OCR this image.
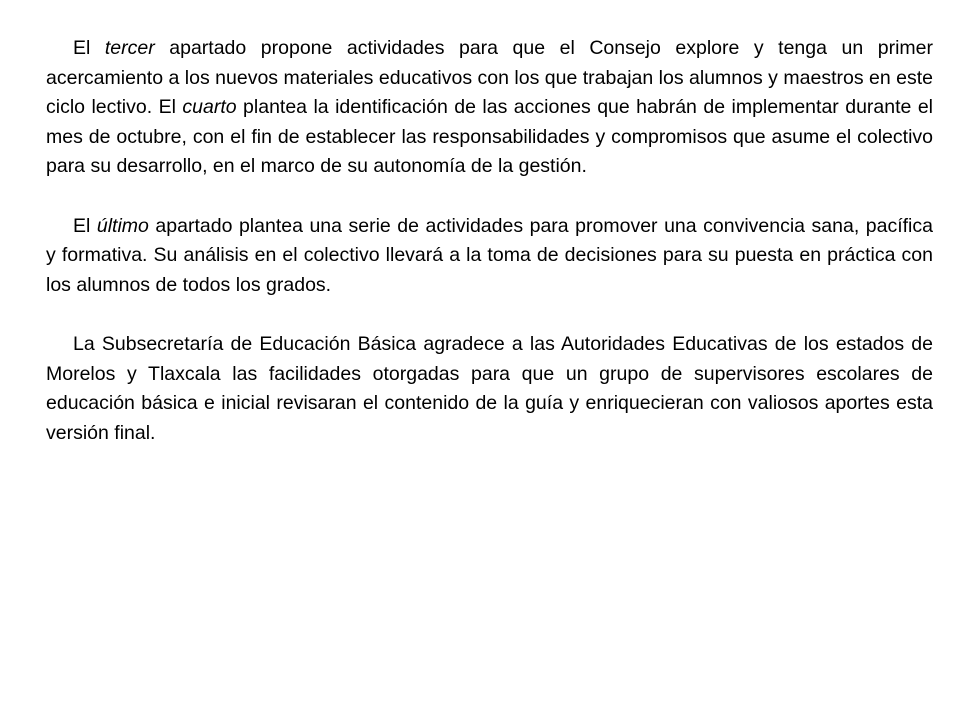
El tercer apartado propone actividades para que el Consejo explore y tenga un primer acercamiento a los nuevos materiales educativos con los que trabajan los alumnos y maestros en este ciclo lectivo. El cuarto plantea la identificación de las acciones que habrán de implementar durante el mes de octubre, con el fin de establecer las responsabilidades y compromisos que asume el colectivo para su desarrollo, en el marco de su autonomía de la gestión.

El último apartado plantea una serie de actividades para promover una convivencia sana, pacífica y formativa. Su análisis en el colectivo llevará a la toma de decisiones para su puesta en práctica con los alumnos de todos los grados.

La Subsecretaría de Educación Básica agradece a las Autoridades Educativas de los estados de Morelos y Tlaxcala las facilidades otorgadas para que un grupo de supervisores escolares de educación básica e inicial revisaran el contenido de la guía y enriquecieran con valiosos aportes esta versión final.
